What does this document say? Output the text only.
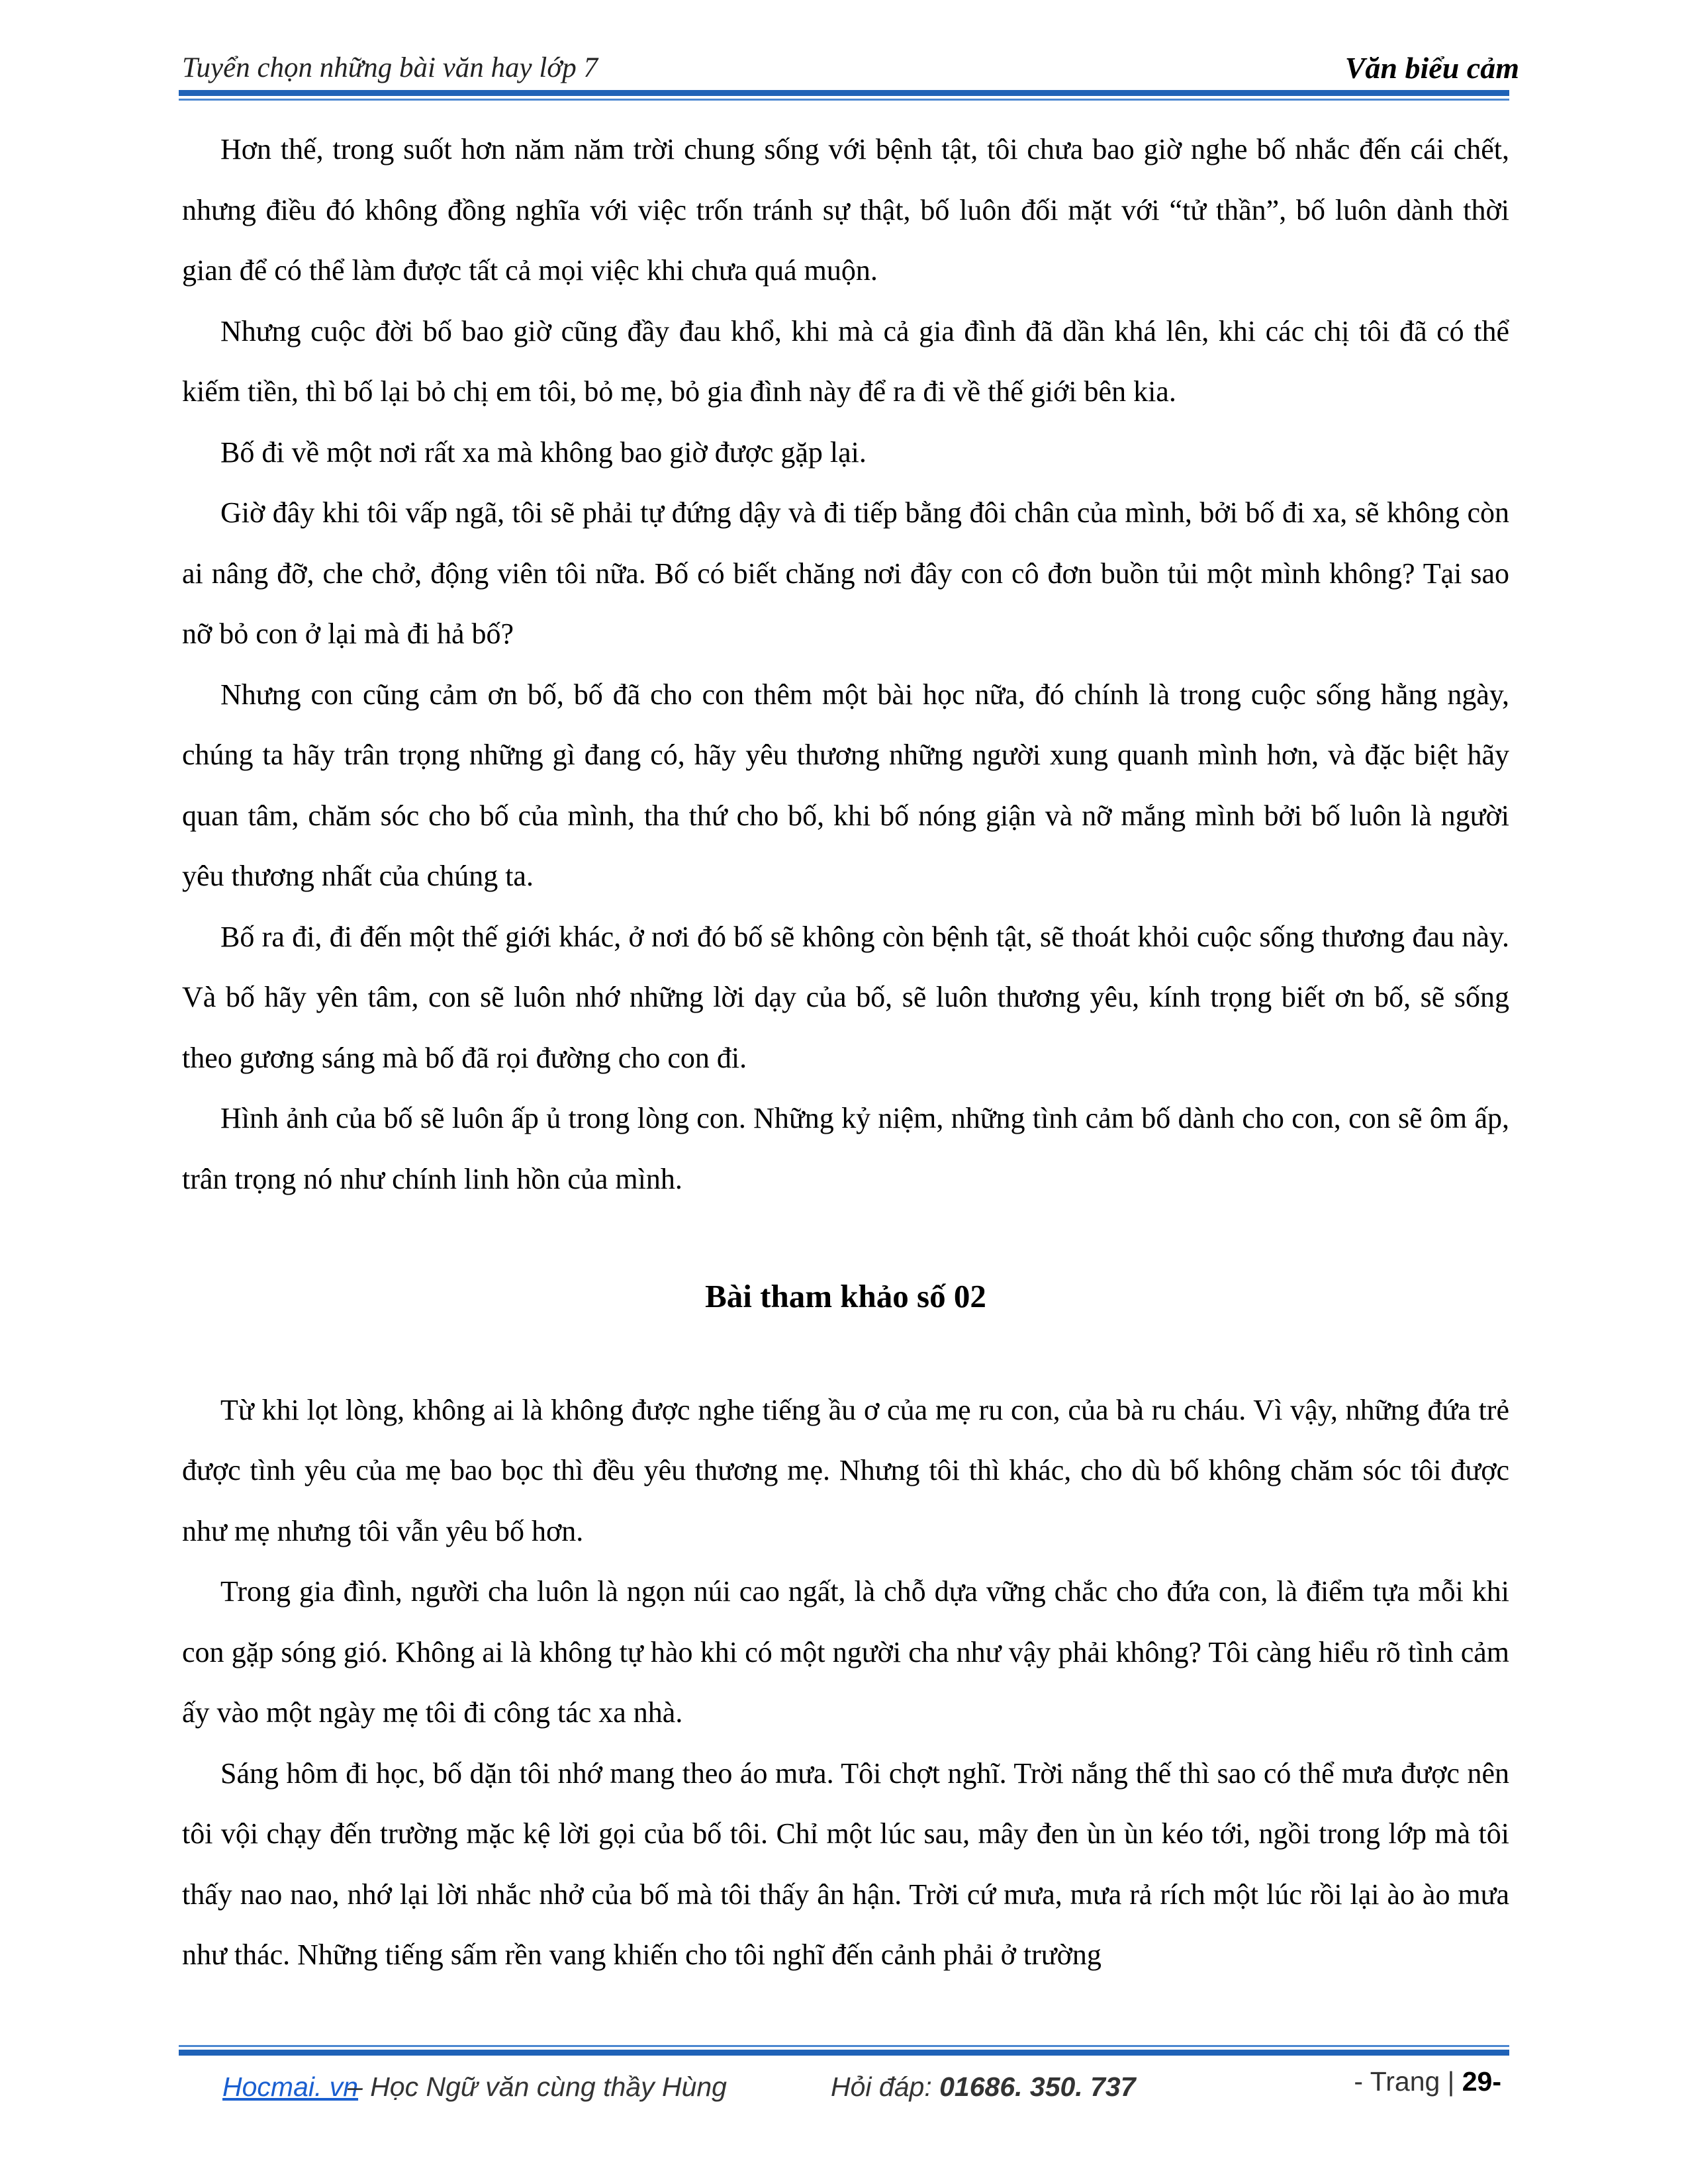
Tuyển chọn những bài văn hay lớp 7	Văn biểu cảm

Hơn thế, trong suốt hơn năm năm trời chung sống với bệnh tật, tôi chưa bao giờ nghe bố nhắc đến cái chết, nhưng điều đó không đồng nghĩa với việc trốn tránh sự thật, bố luôn đối mặt với “tử thần”, bố luôn dành thời gian để có thể làm được tất cả mọi việc khi chưa quá muộn.

Nhưng cuộc đời bố bao giờ cũng đầy đau khổ, khi mà cả gia đình đã dần khá lên, khi các chị tôi đã có thể kiếm tiền, thì bố lại bỏ chị em tôi, bỏ mẹ, bỏ gia đình này để ra đi về thế giới bên kia.

Bố đi về một nơi rất xa mà không bao giờ được gặp lại.

Giờ đây khi tôi vấp ngã, tôi sẽ phải tự đứng dậy và đi tiếp bằng đôi chân của mình, bởi bố đi xa, sẽ không còn ai nâng đỡ, che chở, động viên tôi nữa. Bố có biết chăng nơi đây con cô đơn buồn tủi một mình không? Tại sao nỡ bỏ con ở lại mà đi hả bố?

Nhưng con cũng cảm ơn bố, bố đã cho con thêm một bài học nữa, đó chính là trong cuộc sống hằng ngày, chúng ta hãy trân trọng những gì đang có, hãy yêu thương những người xung quanh mình hơn, và đặc biệt hãy quan tâm, chăm sóc cho bố của mình, tha thứ cho bố, khi bố nóng giận và nỡ mắng mình bởi bố luôn là người yêu thương nhất của chúng ta.

Bố ra đi, đi đến một thế giới khác, ở nơi đó bố sẽ không còn bệnh tật, sẽ thoát khỏi cuộc sống thương đau này. Và bố hãy yên tâm, con sẽ luôn nhớ những lời dạy của bố, sẽ luôn thương yêu, kính trọng biết ơn bố, sẽ sống theo gương sáng mà bố đã rọi đường cho con đi.

Hình ảnh của bố sẽ luôn ấp ủ trong lòng con. Những kỷ niệm, những tình cảm bố dành cho con, con sẽ ôm ấp, trân trọng nó như chính linh hồn của mình.

Bài tham khảo số 02

Từ khi lọt lòng, không ai là không được nghe tiếng ầu ơ của mẹ ru con, của bà ru cháu. Vì vậy, những đứa trẻ được tình yêu của mẹ bao bọc thì đều yêu thương mẹ. Nhưng tôi thì khác, cho dù bố không chăm sóc tôi được như mẹ nhưng tôi vẫn yêu bố hơn.

Trong gia đình, người cha luôn là ngọn núi cao ngất, là chỗ dựa vững chắc cho đứa con, là điểm tựa mỗi khi con gặp sóng gió. Không ai là không tự hào khi có một người cha như vậy phải không? Tôi càng hiểu rõ tình cảm ấy vào một ngày mẹ tôi đi công tác xa nhà.

Sáng hôm đi học, bố dặn tôi nhớ mang theo áo mưa. Tôi chợt nghĩ. Trời nắng thế thì sao có thể mưa được nên tôi vội chạy đến trường mặc kệ lời gọi của bố tôi. Chỉ một lúc sau, mây đen ùn ùn kéo tới, ngồi trong lớp mà tôi thấy nao nao, nhớ lại lời nhắc nhở của bố mà tôi thấy ân hận. Trời cứ mưa, mưa rả rích một lúc rồi lại ào ào mưa như thác. Những tiếng sấm rền vang khiến cho tôi nghĩ đến cảnh phải ở trường

Hocmai. vn
– Học Ngữ văn cùng thầy Hùng	Hỏi đáp: 01686. 350. 737	- Trang | 29-
